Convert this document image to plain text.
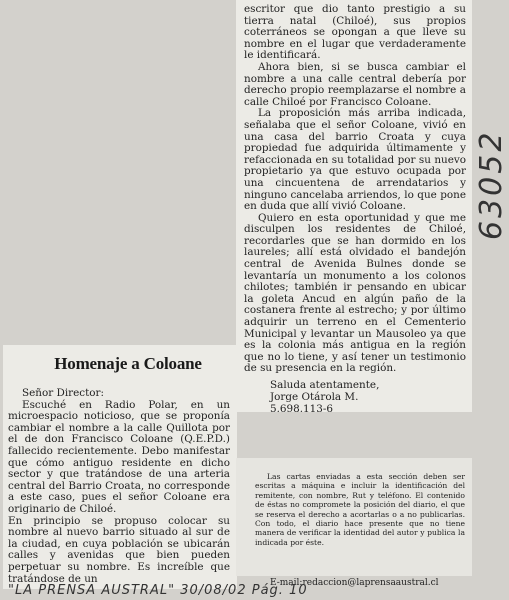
escritor que dio tanto prestigio a su tierra natal (Chiloé), sus propios coterráneos se opongan a que lleve su nombre en el lugar que verdaderamente le identificará.

Ahora bien, si se busca cambiar el nombre a una calle central debería por derecho propio reemplazarse el nombre a calle Chiloé por Francisco Coloane.

La proposición más arriba indicada, señalaba que el señor Coloane, vivió en una casa del barrio Croata y cuya propiedad fue adquirida últimamente y refaccionada en su totalidad por su nuevo propietario ya que estuvo ocupada por una cincuentena de arrendatarios y ninguno cancelaba arriendos, lo que pone en duda que allí vivió Coloane.

Quiero en esta oportunidad y que me disculpen los residentes de Chiloé, recordarles que se han dormido en los laureles; allí está olvidado el bandejón central de Avenida Bulnes donde se levantaría un monumento a los colonos chilotes; también ir pensando en ubicar la goleta Ancud en algún paño de la costanera frente al estrecho; y por último adquirir un terreno en el Cementerio Municipal y levantar un Mausoleo ya que es la colonia más antigua en la región que no lo tiene, y así tener un testimonio de su presencia en la región.

Saluda atentamente,
Jorge Otárola M.
5.698.113-6
Homenaje a Coloane

Señor Director:

Escuché en Radio Polar, en un microespacio noticioso, que se proponía cambiar el nombre a la calle Quillota por el de don Francisco Coloane (Q.E.P.D.) fallecido recientemente. Debo manifestar que cómo antiguo residente en dicho sector y que tratándose de una arteria central del Barrio Croata, no corresponde a este caso, pues el señor Coloane era originario de Chiloé.

En principio se propuso colocar su nombre al nuevo barrio situado al sur de la ciudad, en cuya población se ubicarán calles y avenidas que bien pueden perpetuar su nombre. Es increíble que tratándose de un

Las cartas enviadas a esta sección deben ser escritas a máquina e incluir la identificación del remitente, con nombre, Rut y teléfono. El contenido de éstas no compromete la posición del diario, el que se reserva el derecho a acortarlas o a no publicarlas. Con todo, el diario hace presente que no tiene manera de verificar la identidad del autor y publica la indicada por éste.

E-mail:redaccion@laprensaaustral.cl
"LA PRENSA AUSTRAL" 30/08/02 Pág. 10
63052
